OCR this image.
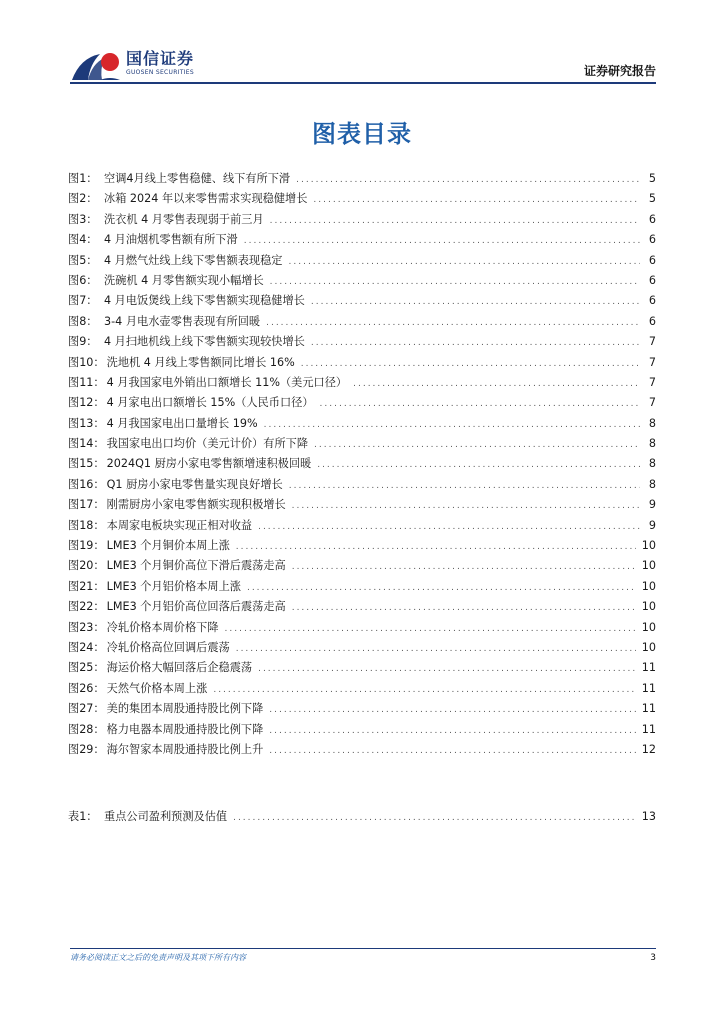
国信证券
GUOSEN SECURITIES	证券研究报告
图表目录
图1： 空调4月线上零售稳健、线下有所下滑 .....	5
图2： 冰箱 2024 年以来零售需求实现稳健增长 .....	5
图3： 洗衣机 4 月零售表现弱于前三月 .....	6
图4： 4 月油烟机零售额有所下滑 .....	6
图5： 4 月燃气灶线上线下零售额表现稳定 .....	6
图6： 洗碗机 4 月零售额实现小幅增长 .....	6
图7： 4 月电饭煲线上线下零售额实现稳健增长 .....	6
图8： 3-4 月电水壶零售表现有所回暖 .....	6
图9： 4 月扫地机线上线下零售额实现较快增长 .....	7
图10： 洗地机 4 月线上零售额同比增长 16% .....	7
图11： 4 月我国家电外销出口额增长 11%（美元口径） .....	7
图12： 4 月家电出口额增长 15%（人民币口径） .....	7
图13： 4 月我国家电出口量增长 19% .....	8
图14： 我国家电出口均价（美元计价）有所下降 .....	8
图15： 2024Q1 厨房小家电零售额增速积极回暖 .....	8
图16： Q1 厨房小家电零售量实现良好增长 .....	8
图17： 刚需厨房小家电零售额实现积极增长 .....	9
图18： 本周家电板块实现正相对收益 .....	9
图19： LME3 个月铜价本周上涨 .....	10
图20： LME3 个月铜价高位下滑后震荡走高 .....	10
图21： LME3 个月铝价格本周上涨 .....	10
图22： LME3 个月铝价高位回落后震荡走高 .....	10
图23： 冷轧价格本周价格下降 .....	10
图24： 冷轧价格高位回调后震荡 .....	10
图25： 海运价格大幅回落后企稳震荡 .....	11
图26： 天然气价格本周上涨 .....	11
图27： 美的集团本周股通持股比例下降 .....	11
图28： 格力电器本周股通持股比例下降 .....	11
图29： 海尔智家本周股通持股比例上升 .....	12
表1： 重点公司盈利预测及估值 .....	13
请务必阅读正文之后的免责声明及其项下所有内容	3
